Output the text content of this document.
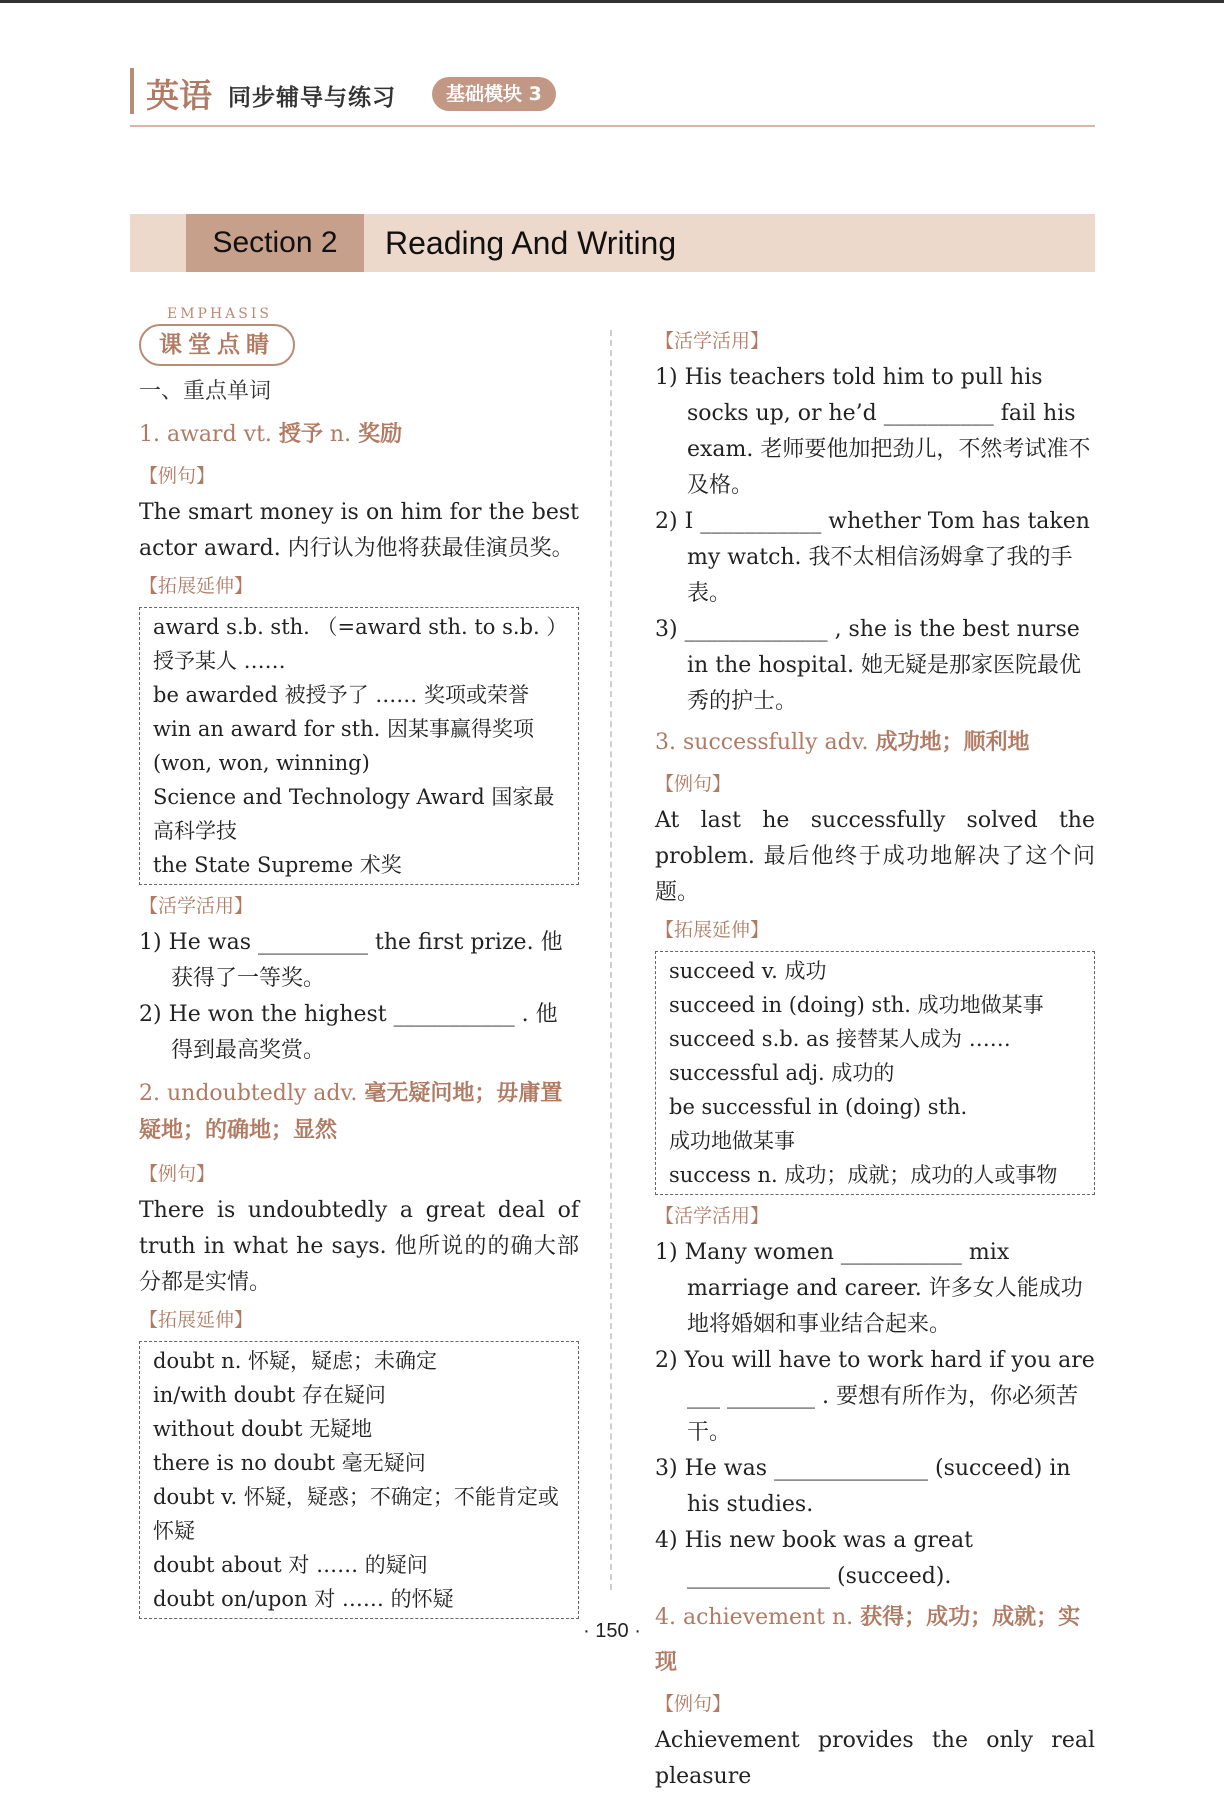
英语 同步辅导与练习	基础模块 3
Section 2	Reading And Writing
EMPHASIS
课堂点睛
一、重点单词
1. award vt. 授予 n. 奖励
【例句】
The smart money is on him for the best actor award. 内行认为他将获最佳演员奖。
【拓展延伸】
award s.b. sth. （=award sth. to s.b. ）授予某人 ……
be awarded 被授予了 …… 奖项或荣誉
win an award for sth. 因某事赢得奖项
(won, won, winning)
Science and Technology Award 国家最高科学技
the State Supreme 术奖
【活学活用】
1) He was __________ the first prize. 他获得了一等奖。
2) He won the highest ___________ . 他得到最高奖赏。
2. undoubtedly adv. 毫无疑问地；毋庸置疑地；的确地；显然
【例句】
There is undoubtedly a great deal of truth in what he says. 他所说的的确大部分都是实情。
【拓展延伸】
doubt n. 怀疑，疑虑；未确定
in/with doubt 存在疑问
without doubt 无疑地
there is no doubt 毫无疑问
doubt v. 怀疑，疑惑；不确定；不能肯定或怀疑
doubt about 对 …… 的疑问
doubt on/upon 对 …… 的怀疑
【活学活用】
1) His teachers told him to pull his socks up, or he’d __________ fail his exam. 老师要他加把劲儿，不然考试准不及格。
2) I ___________ whether Tom has taken my watch. 我不太相信汤姆拿了我的手表。
3) _____________ , she is the best nurse in the hospital. 她无疑是那家医院最优秀的护士。
3. successfully adv. 成功地；顺利地
【例句】
At last he successfully solved the problem. 最后他终于成功地解决了这个问题。
【拓展延伸】
succeed v. 成功
succeed in (doing) sth. 成功地做某事
succeed s.b. as 接替某人成为 ……
successful adj. 成功的
be successful in (doing) sth.
成功地做某事
success n. 成功；成就；成功的人或事物
【活学活用】
1) Many women ___________ mix marriage and career. 许多女人能成功地将婚姻和事业结合起来。
2) You will have to work hard if you are ___ ________ . 要想有所作为，你必须苦干。
3) He was ______________ (succeed) in his studies.
4) His new book was a great _____________ (succeed).
4. achievement n. 获得；成功；成就；实现
【例句】
Achievement provides the only real pleasure
· 150 ·
